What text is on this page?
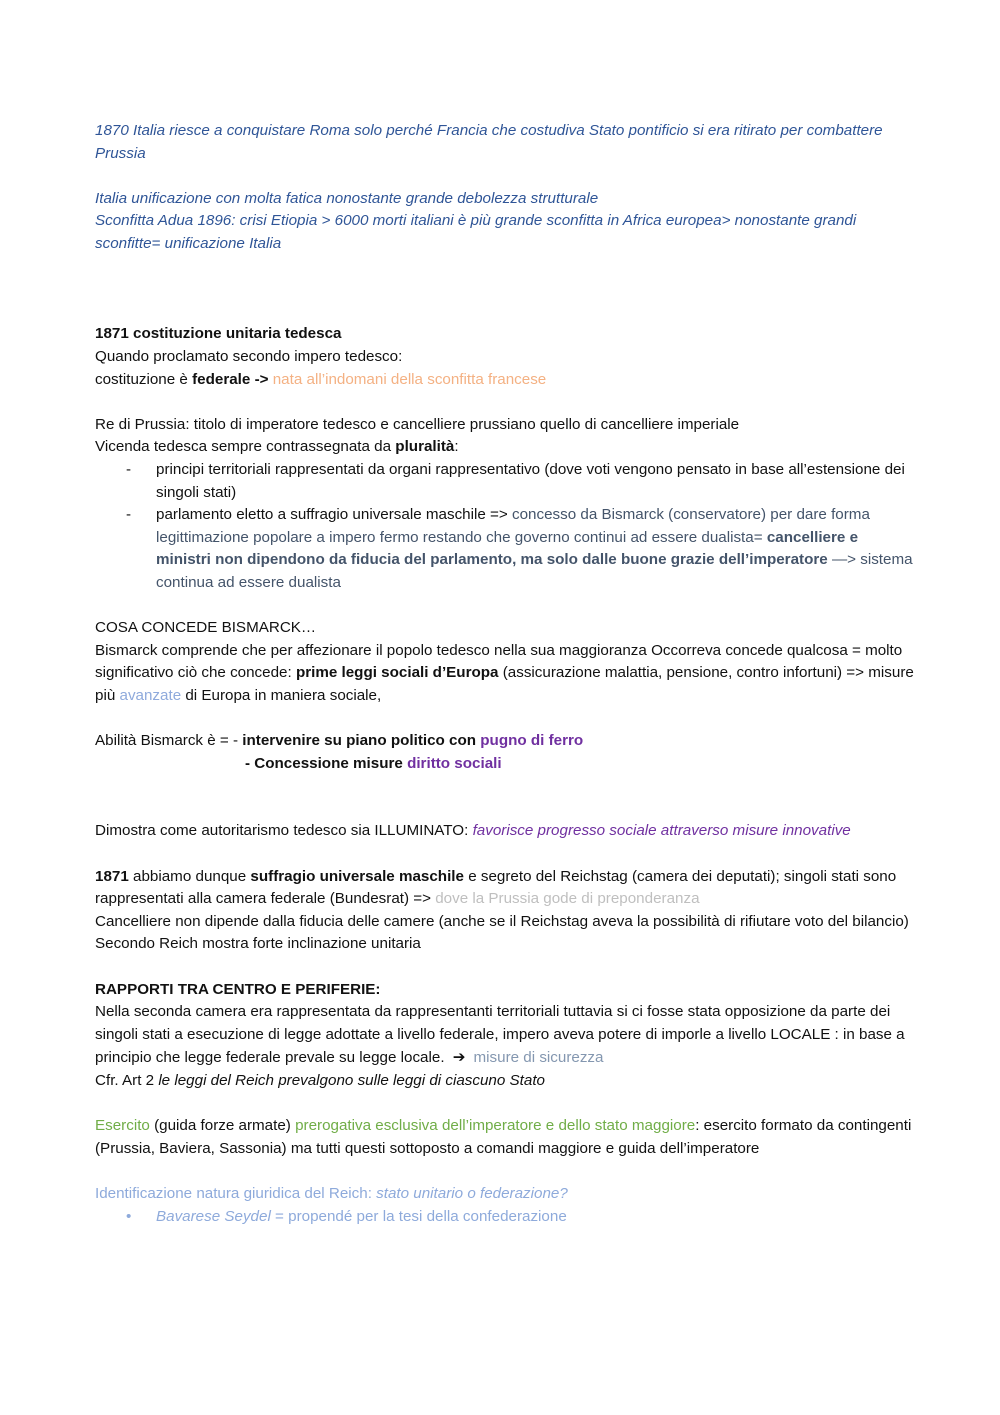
1870 Italia riesce a conquistare Roma solo perché Francia che costudiva Stato pontificio si era ritirato per combattere Prussia

Italia unificazione con molta fatica nonostante grande debolezza strutturale

Sconfitta Adua 1896: crisi Etiopia > 6000 morti italiani è più grande sconfitta in Africa europea> nonostante grandi sconfitte= unificazione Italia

1871 costituzione unitaria tedesca

Quando proclamato secondo impero tedesco:

costituzione è federale -> nata all’indomani della sconfitta francese

Re di Prussia: titolo di imperatore tedesco e cancelliere prussiano quello di cancelliere imperiale

Vicenda tedesca sempre contrassegnata da pluralità:

- principi territoriali rappresentati da organi rappresentativo (dove voti vengono pensato in base all’estensione dei singoli stati)
- parlamento eletto a suffragio universale maschile => concesso da Bismarck (conservatore) per dare forma legittimazione popolare a impero fermo restando che governo continui ad essere dualista= cancelliere e ministri non dipendono da fiducia del parlamento, ma solo dalle buone grazie dell’imperatore —> sistema continua ad essere dualista

COSA CONCEDE BISMARCK…

Bismarck comprende che per affezionare il popolo tedesco nella sua maggioranza Occorreva concede qualcosa = molto significativo ciò che concede: prime leggi sociali d’Europa (assicurazione malattia, pensione, contro infortuni) => misure più avanzate di Europa in maniera sociale,

Abilità Bismarck è = - intervenire su piano politico con pugno di ferro

- Concessione misure diritto sociali

Dimostra come autoritarismo tedesco sia ILLUMINATO: favorisce progresso sociale attraverso misure innovative

1871 abbiamo dunque suffragio universale maschile e segreto del Reichstag (camera dei deputati); singoli stati sono rappresentati alla camera federale (Bundesrat) => dove la Prussia gode di preponderanza

Cancelliere non dipende dalla fiducia delle camere (anche se il Reichstag aveva la possibilità di rifiutare voto del bilancio)

Secondo Reich mostra forte inclinazione unitaria

RAPPORTI TRA CENTRO E PERIFERIE:

Nella seconda camera era rappresentata da rappresentanti territoriali tuttavia si ci fosse stata opposizione da parte dei singoli stati a esecuzione di legge adottate a livello federale, impero aveva potere di imporle a livello LOCALE : in base a principio che legge federale prevale su legge locale. ➔ misure di sicurezza

Cfr. Art 2 le leggi del Reich prevalgono sulle leggi di ciascuno Stato

Esercito (guida forze armate) prerogativa esclusiva dell’imperatore e dello stato maggiore: esercito formato da contingenti (Prussia, Baviera, Sassonia) ma tutti questi sottoposto a comandi maggiore e guida dell’imperatore

Identificazione natura giuridica del Reich: stato unitario o federazione?

• Bavarese Seydel = propendé per la tesi della confederazione
